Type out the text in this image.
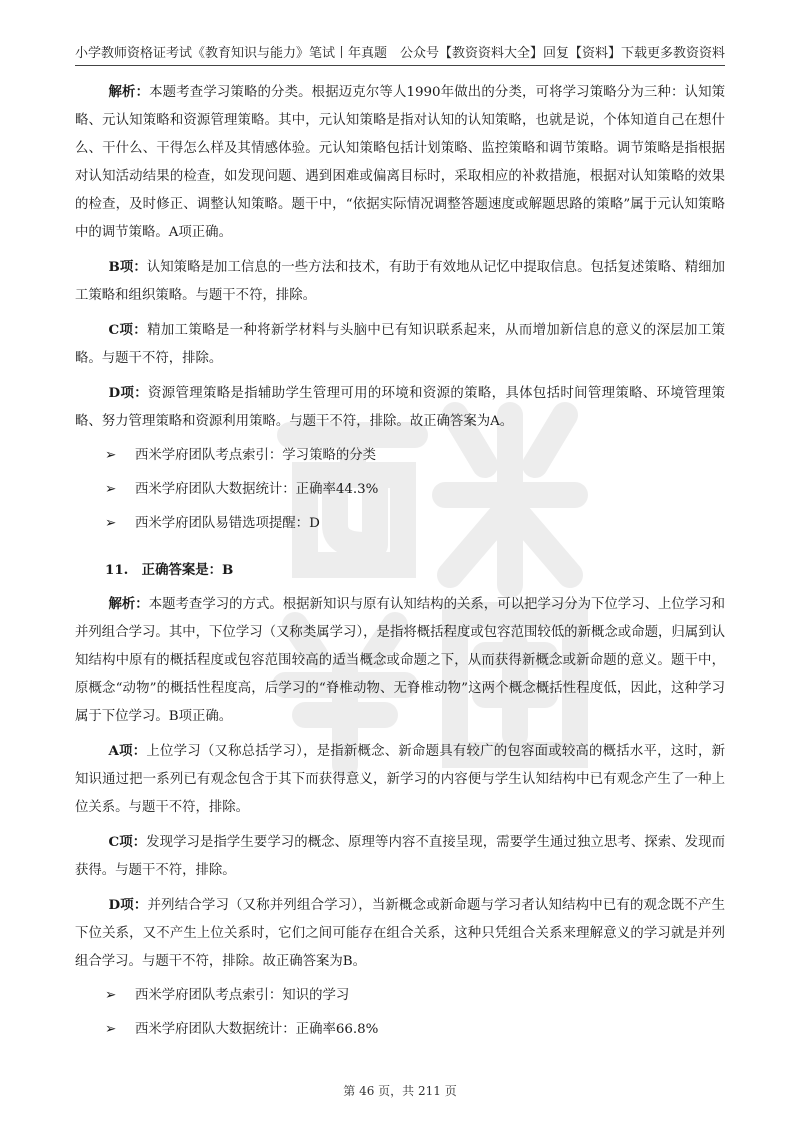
小学教师资格证考试《教育知识与能力》笔试丨年真题 公众号【教资资料大全】回复【资料】下载更多教资资料

解析：本题考查学习策略的分类。根据迈克尔等人1990年做出的分类，可将学习策略分为三种：认知策略、元认知策略和资源管理策略。其中，元认知策略是指对认知的认知策略，也就是说，个体知道自己在想什么、干什么、干得怎么样及其情感体验。元认知策略包括计划策略、监控策略和调节策略。调节策略是指根据对认知活动结果的检查，如发现问题、遇到困难或偏离目标时，采取相应的补救措施，根据对认知策略的效果的检查，及时修正、调整认知策略。题干中，“依据实际情况调整答题速度或解题思路的策略”属于元认知策略中的调节策略。A项正确。

B项：认知策略是加工信息的一些方法和技术，有助于有效地从记忆中提取信息。包括复述策略、精细加工策略和组织策略。与题干不符，排除。

C项：精加工策略是一种将新学材料与头脑中已有知识联系起来，从而增加新信息的意义的深层加工策略。与题干不符，排除。

D项：资源管理策略是指辅助学生管理可用的环境和资源的策略，具体包括时间管理策略、环境管理策略、努力管理策略和资源利用策略。与题干不符，排除。故正确答案为A。

➢ 西米学府团队考点索引：学习策略的分类
➢ 西米学府团队大数据统计：正确率44.3%
➢ 西米学府团队易错选项提醒：D
11.　正确答案是：B

解析：本题考查学习的方式。根据新知识与原有认知结构的关系，可以把学习分为下位学习、上位学习和并列组合学习。其中，下位学习（又称类属学习），是指将概括程度或包容范围较低的新概念或命题，归属到认知结构中原有的概括程度或包容范围较高的适当概念或命题之下，从而获得新概念或新命题的意义。题干中，原概念“动物”的概括性程度高，后学习的“脊椎动物、无脊椎动物”这两个概念概括性程度低，因此，这种学习属于下位学习。B项正确。

A项：上位学习（又称总括学习），是指新概念、新命题具有较广的包容面或较高的概括水平，这时，新知识通过把一系列已有观念包含于其下而获得意义，新学习的内容便与学生认知结构中已有观念产生了一种上位关系。与题干不符，排除。

C项：发现学习是指学生要学习的概念、原理等内容不直接呈现，需要学生通过独立思考、探索、发现而获得。与题干不符，排除。

D项：并列结合学习（又称并列组合学习），当新概念或新命题与学习者认知结构中已有的观念既不产生下位关系，又不产生上位关系时，它们之间可能存在组合关系，这种只凭组合关系来理解意义的学习就是并列组合学习。与题干不符，排除。故正确答案为B。

➢ 西米学府团队考点索引：知识的学习
➢ 西米学府团队大数据统计：正确率66.8%
第 46 页，共 211 页
